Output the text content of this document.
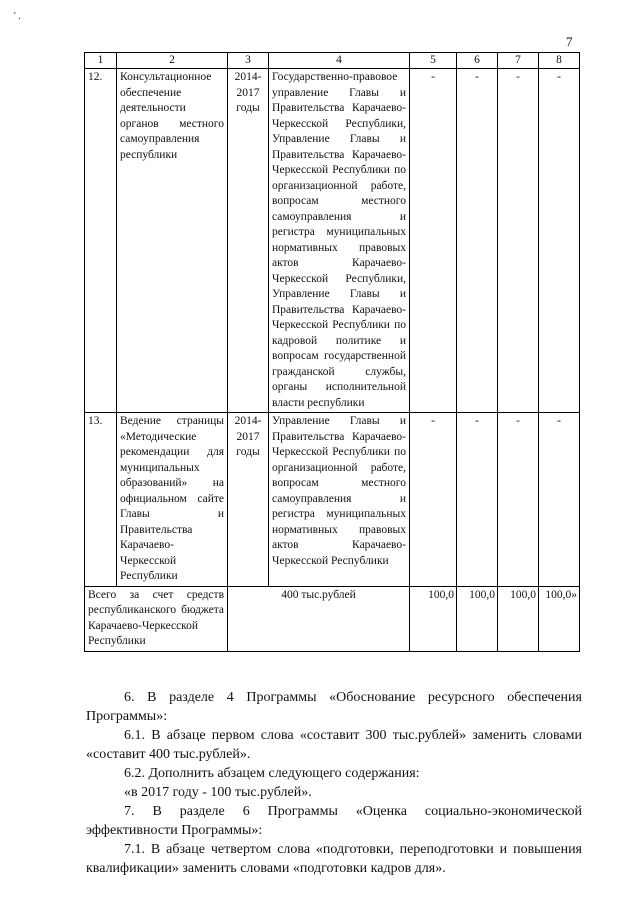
' .
7
1	2	3	4	5	6	7	8
12.	Консультационное обеспечение деятельности органов местного самоуправления республики	2014-2017 годы	Государственно-правовое управление Главы и Правительства Карачаево-Черкесской Республики, Управление Главы и Правительства Карачаево-Черкесской Республики по организационной работе, вопросам местного самоуправления и регистра муниципальных нормативных правовых актов Карачаево-Черкесской Республики, Управление Главы и Правительства Карачаево-Черкесской Республики по кадровой политике и вопросам государственной гражданской службы, органы исполнительной власти республики	-	-	-	-
13.	Ведение страницы «Методические рекомендации для муниципальных образований» на официальном сайте Главы и Правительства Карачаево-Черкесской Республики	2014-2017 годы	Управление Главы и Правительства Карачаево-Черкесской Республики по организационной работе, вопросам местного самоуправления и регистра муниципальных нормативных правовых актов Карачаево-Черкесской Республики	-	-	-	-
Всего за счет средств республиканского бюджета Карачаево-Черкесской Республики		400 тыс.рублей		100,0	100,0	100,0	100,0»

6. В разделе 4 Программы «Обоснование ресурсного обеспечения Программы»:

6.1. В абзаце первом слова «составит 300 тыс.рублей» заменить словами «составит 400 тыс.рублей».

6.2. Дополнить абзацем следующего содержания:

«в 2017 году - 100 тыс.рублей».

7. В разделе 6 Программы «Оценка социально-экономической эффективности Программы»:

7.1. В абзаце четвертом слова «подготовки, переподготовки и повышения квалификации» заменить словами «подготовки кадров для».
